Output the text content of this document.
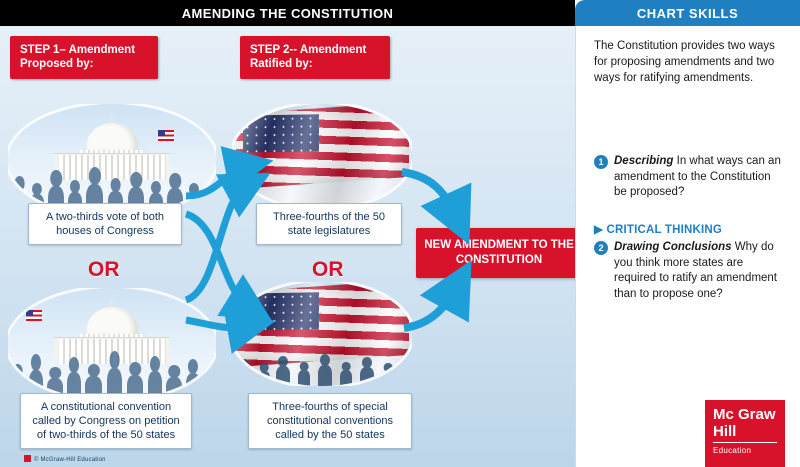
AMENDING THE CONSTITUTION
STEP 1– Amendment Proposed by:
STEP 2-- Amendment Ratified by:
A two-thirds vote of both houses of Congress
A constitutional convention called by Congress on petition of two-thirds of the 50 states
Three-fourths of the 50 state legislatures
Three-fourths of special constitutional conventions called by the 50 states
OR	OR
NEW AMENDMENT TO THE CONSTITUTION
© McGraw-Hill Education
CHART SKILLS
The Constitution provides two ways for proposing amendments and two ways for ratifying amendments.
1 Describing In what ways can an amendment to the Constitution be proposed?
▶ CRITICAL THINKING
2 Drawing Conclusions Why do you think more states are required to ratify an amendment than to propose one?
Mc Graw
Hill
Education
